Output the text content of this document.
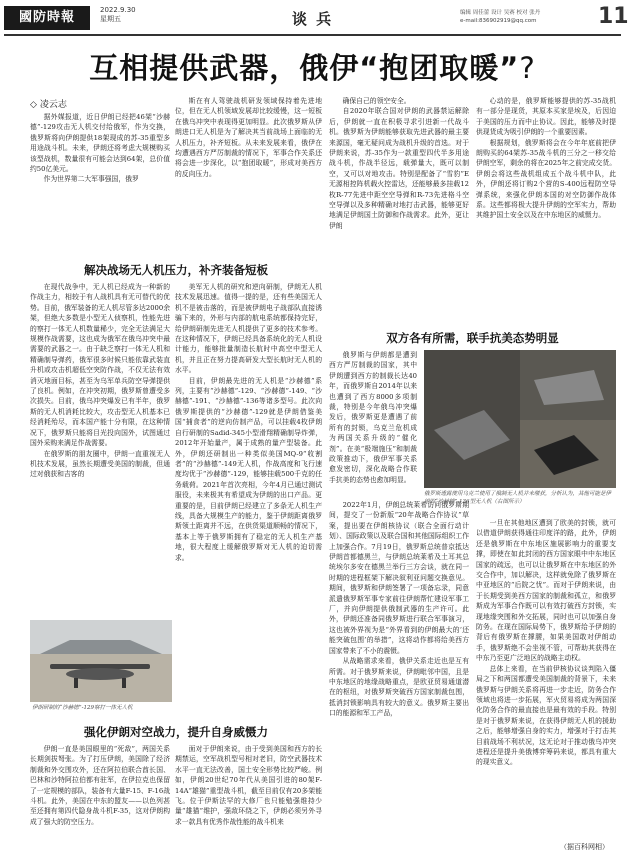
國防時報	2022.9.30
星期五	谈 兵	编辑 周佳蕾 设计 吴赛 校对 张丹
e-mail:836902919@qq.com	11
互相提供武器，俄伊“抱团取暖”?
◇ 凌云志

据外媒报道，近日伊朗已经把46架“沙赫德”-129攻击无人机交付给俄军，作为交换，俄罗斯将向伊朗提供18架现成的苏-35重型多用途战斗机。未来，伊朗还将考虑大规模购买该型战机，数量很有可能会达到64架，总价值约50亿美元。

作为世界第二大军事强国，俄罗

斯在有人驾驶战机研发领域保持着先进地位，但在无人机领域发展却比较缓慢，这一短板在俄乌冲突中表现得更加明显。此次俄罗斯从伊朗进口无人机是为了解决其当前战场上面临的无人机压力，补齐短板。从未来发展来看，俄伊在均遭遇西方严厉制裁的情况下，军事合作关系还将会进一步深化，以“抱团取暖”，形成对美西方的反向压力。

解决战场无人机压力，补齐装备短板

在现代战争中，无人机已经成为一种新的作战主力，相较于有人战机具有无可替代的优势。目前，俄军装备的无人机尽管多达2000余架，但绝大多数是小型无人侦察机，性能先进的察打一体无人机数量稀少，完全无法满足大规模作战需要，这也成为俄军在俄乌冲突中最需要的武器之一。由于缺乏察打一体无人机和精确制导弹药，俄军很多时候只能依靠武装直升机或攻击机超低空突防作战，不仅无法有效消灭地面目标，甚至为乌军单兵防空导弹提供了良机。例如，在冲突初期，俄罗斯曾遭受多次损失。目前，俄乌冲突爆发已有半年，俄罗斯的无人机消耗比较大，攻击型无人机基本已经消耗殆尽，而本国产能十分有限，在这种情况下，俄罗斯只能将目光投向国外，试图通过国外采购来满足作战需要。

在俄罗斯的朋友圈中，伊朗一直重视无人机技术发展，虽然长期遭受美国的制裁，但通过对俄获和吉客的

美军无人机的研究和逆向研制，伊朗无人机技术发展迅速。值得一提的是，还有些美国无人机不是被击落的，而是被伊朗电子战部队直接诱骗下来的，外形与内部的航电系统都保持完好，给伊朗研制先进无人机提供了更多的技术参考。在这种情况下，伊朗已经具备系统化的无人机设计能力，能够批量制造长航时中高空中型无人机，并且正在努力提高研发大型长航时无人机的水平。

目前，伊朗最先进的无人机是“沙赫德”系列，主要有“沙赫德”-129、“沙赫德”-149、“沙赫德”-191、“沙赫德”-136等诸多型号。此次向俄罗斯提供的“沙赫德”-129就是伊朗借鉴美国“捕食者”的逆向仿制产品，可以挂载4枚伊朗自行研制的Sadid-345小型滑翔精确制导炸弹，2012年开始量产，属于成熟的量产型装备。此外，伊朗还研制出一种类似美国MQ-9“收割者”的“沙赫德”-149无人机，作战高度和飞行速度均优于“沙赫德”-129，能够挂载500千克的任务载荷。2021年首次亮相，今年4月已通过测试服役，未来极其有希望成为伊朗的出口产品。更重要的是，目前伊朗已经建立了多条无人机生产线，具备大规模生产的能力，鉴于伊朗距离俄罗斯领土距离并不远，在供货渠道顺畅的情况下，基本上等于俄罗斯拥有了稳定的无人机生产基地，很大程度上缓解俄罗斯对无人机的迫切需求。

伊朗研制的“沙赫德”-129察打一体无人机
强化伊朗对空战力，提升自身威慑力

伊朗一直是美国眼里的“死敌”，两国关系长期剑拔弩张。为了打压伊朗，美国除了经济制裁和外交围攻外，还在阿拉伯联合酋长国、巴林和沙特阿拉伯都有驻军，在伊拉克也保留了一定规模的部队，装备有大量F-15、F-16战斗机。此外，美国在中东的盟友——以色列甚至还拥有第四代隐身战斗机F-35，这对伊朗构成了强大的防空压力。

面对于伊朗来说，由于受到美国和西方的长期禁运，空军战机型号相对老旧，防空武器技术水平一直无法改善，国土安全形势比较严峻。例如，伊朗20世纪70年代从美国引进的80架F-14A“雄猫”重型战斗机，截至目前仅有20多架能飞。位于伊斯法罕的大修厂也只能勉强维持少量“雄猫”维护，强敌环绕之下，伊朗必须另外寻求一款具有优秀作战性能的战斗机来

确保自己的领空安全。

自2020年联合国对伊朗的武器禁运解除后，伊朗就一直在积极寻求引进新一代战斗机。俄罗斯为伊朗能够获取先进武器的最主要来源国，毫无疑问成为战机升级的首选。对于伊朗来说，苏-35作为一款重型四代半多用途战斗机，作战半径远，载弹量大，既可以制空，又可以对地攻击。特别是配备了“雪豹”E无源相控阵机载火控雷达，还能够最多挂载12枚R-77先进中距空空导弹和R-73先进格斗空空导弹以及多种精确对地打击武器，能够更好地满足伊朗国土防御和作战需求。此外，更让伊朗

心动的是，俄罗斯能够提供的苏-35战机有一部分是现货，其原本买家是埃及，后因迫于美国的压力而中止协议。因此，能够及时提供现货成为吸引伊朗的一个重要因素。

根据规划，俄罗斯将会在今年年底前把伊朗购买的64架苏-35战斗机的三分之一移交给伊朗空军，剩余的将在2025年之前完成交货。伊朗会将这些战机组成五个战斗机中队，此外，伊朗还将订购2个营的S-400远程防空导弹系统，来强化伊朗本国的对空防御作战体系。这些都将极大提升伊朗的空军实力，帮助其维护国土安全以及在中东地区的威慑力。

双方各有所需，联手抗美态势明显

俄罗斯与伊朗都是遭到西方严厉制裁的国家，其中伊朗遭到西方的制裁长达40年，而俄罗斯自2014年以来也遭到了西方8000多项制裁，特别是今年俄乌冲突爆发后，俄罗斯更是遭遇了前所有的封锁，乌克兰危机成为两国关系升级的“催化剂”。在美“极端施压”和制裁政策推动下，俄伊军事关系愈发密切，深化战略合作联手抗美的态势也愈加明显。

俄罗斯透露使用乌克兰使用了俄制无人机并未缴获，分析认为，其他可能是伊朗的“沙赫德”-136型无人机（右图所示）

2022年1月，伊朗总统莱希访问俄罗斯期间，提交了一份新版“20年战略合作协议”草案，提出要在伊朗核协议（联合全面行动计划）、国际政策以及联合国和其他国际组织工作上加强合作。7月19日，俄罗斯总统普京抵达伊朗首都德黑兰，与伊朗总统莱希及土耳其总统埃尔多安在德黑兰举行三方会谈，就在同一时期的进程框架下解决叙利亚问题交换意见。期间，俄罗斯和伊朗签署了一项备忘录，同意派遣俄罗斯军事专家前往伊朗帮忙建设军事工厂，并向伊朗提供俄制武器的生产许可。此外，伊朗还准备同俄罗斯进行联合军事演习，这也被外界视为是“外界看到的伊朗最大的‘还能突破包围’的举措”，这将动作都将给美西方国家带来了不小的震慑。

从战略需求来看，俄伊关系走近也是互有所需。对于俄罗斯来说，伊朗毗邻中国，且是中东地区的地缘战略重点，是欧亚贸易通道潜在的枢纽，对俄罗斯突破西方国家制裁包围，抵消封锁影响具有较大的意义。俄罗斯主要出口的能源和军工产品，

一旦在其他地区遭到了欧美的封锁，就可以借道伊朗获得通往印度洋的路，此外，伊朗还是俄罗斯在中东地区施展影响力的重要支撑，即使在如此封闭的西方国家眼中中东地区国家的疏远，也可以让俄罗斯在中东地区的外交合作中，加以解决，这样就免除了俄罗斯在中亚地区的“后院之忧”。而对于伊朗来说，由于长期受到美西方国家的制裁和孤立，和俄罗斯成为军事合作既可以有效打破西方封锁，实现地缘突围和外交拓展，同时也可以加强自身防务。在现在国际局势下，俄罗斯给予伊朗的背后有俄罗斯在撑腰，如果美国敢对伊朗动手，俄罗斯绝不会坐视不管，可帮助其获得在中东乃至更广泛地区的战略主动权。

总体上来看，在当前伊核协议谈判陷入僵局之下和两国都遭受美国制裁的背景下，未来俄罗斯与伊朗关系将再进一步走近，防务合作领域也将进一步拓展，军火贸易将成为两国深化防务合作的最直接也是最有效的手段。特别是对于俄罗斯来说，在获得伊朗无人机的援助之后，能够增强自身的实力，增强对于打击其目前战场不利状况，这无论对于推动俄乌冲突进程还是提升美俄博弈筹码来说，都具有重大的现实意义。

（据百科网相）
